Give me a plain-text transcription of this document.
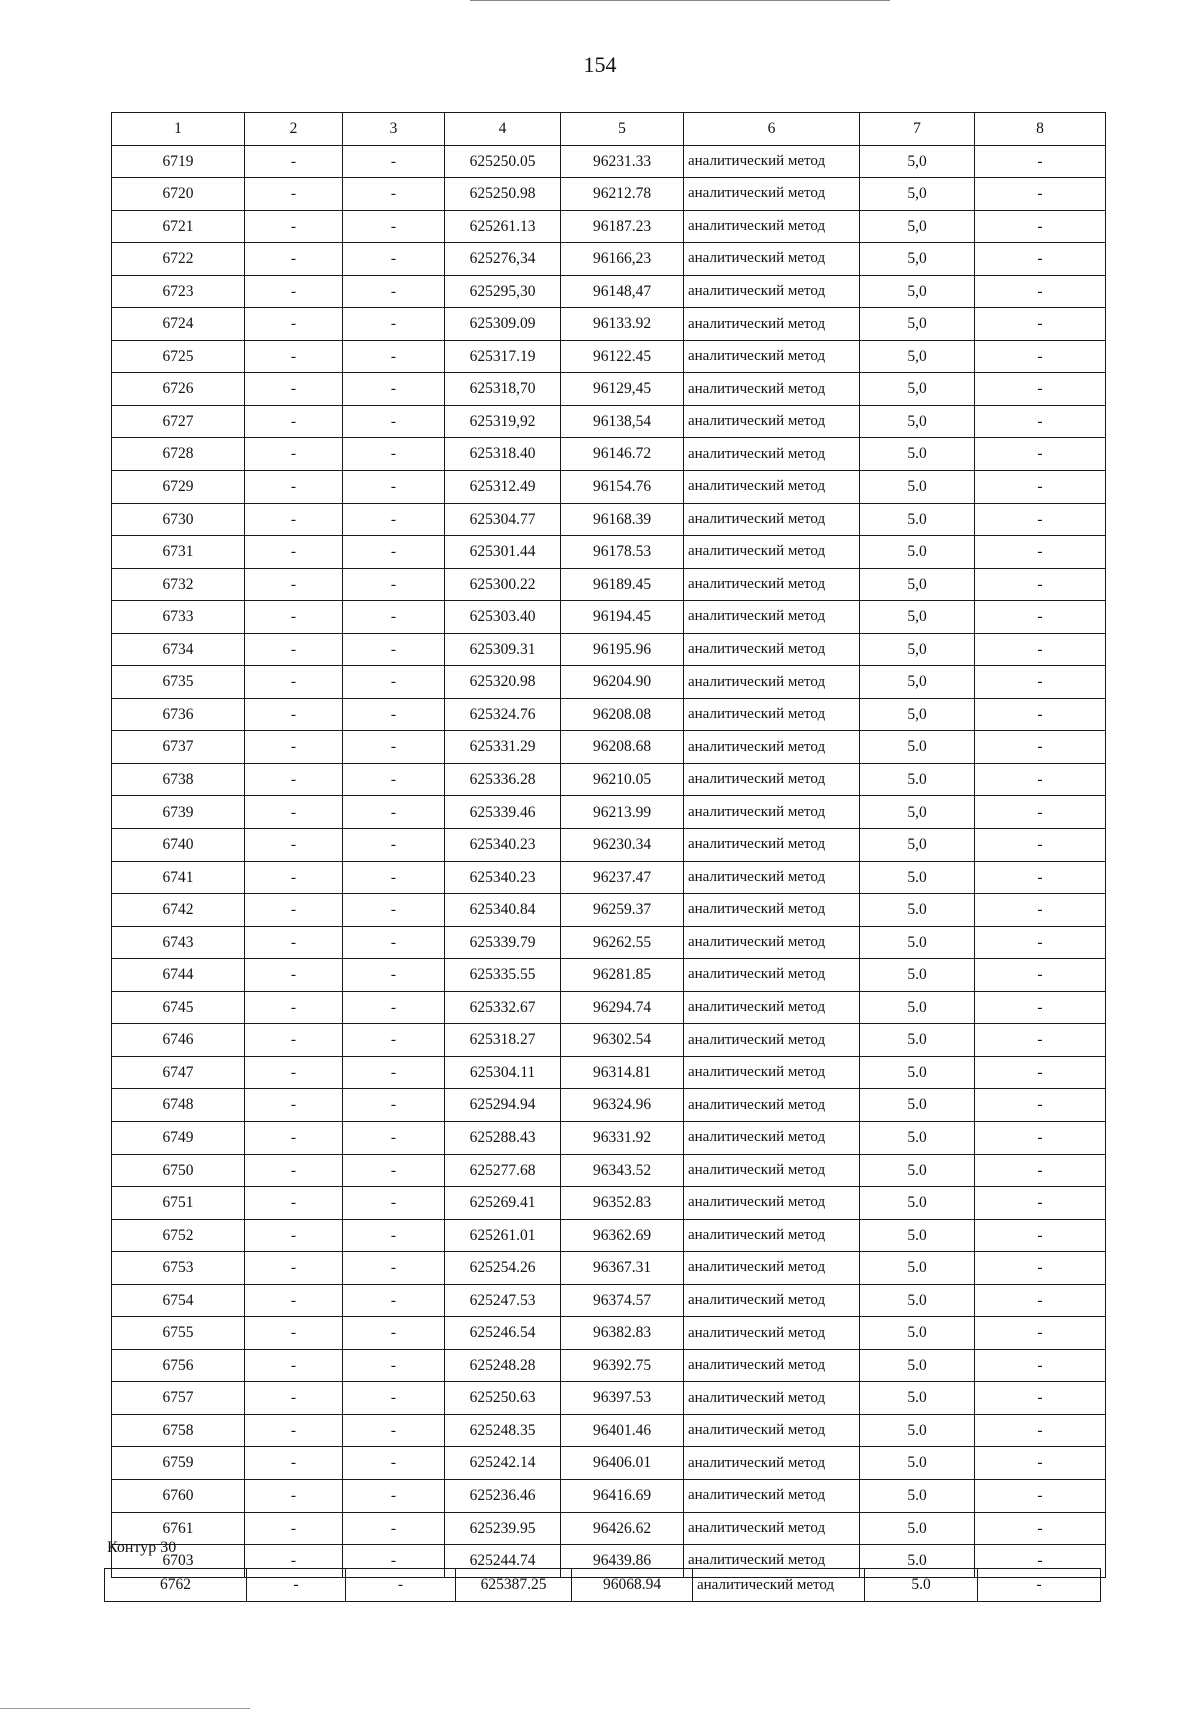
154
1	2	3	4	5	6	7	8
6719	-	-	625250.05	96231.33	аналитический метод	5,0	-
6720	-	-	625250.98	96212.78	аналитический метод	5,0	-
6721	-	-	625261.13	96187.23	аналитический метод	5,0	-
6722	-	-	625276,34	96166,23	аналитический метод	5,0	-
6723	-	-	625295,30	96148,47	аналитический метод	5,0	-
6724	-	-	625309.09	96133.92	аналитический метод	5,0	-
6725	-	-	625317.19	96122.45	аналитический метод	5,0	-
6726	-	-	625318,70	96129,45	аналитический метод	5,0	-
6727	-	-	625319,92	96138,54	аналитический метод	5,0	-
6728	-	-	625318.40	96146.72	аналитический метод	5.0	-
6729	-	-	625312.49	96154.76	аналитический метод	5.0	-
6730	-	-	625304.77	96168.39	аналитический метод	5.0	-
6731	-	-	625301.44	96178.53	аналитический метод	5.0	-
6732	-	-	625300.22	96189.45	аналитический метод	5,0	-
6733	-	-	625303.40	96194.45	аналитический метод	5,0	-
6734	-	-	625309.31	96195.96	аналитический метод	5,0	-
6735	-	-	625320.98	96204.90	аналитический метод	5,0	-
6736	-	-	625324.76	96208.08	аналитический метод	5,0	-
6737	-	-	625331.29	96208.68	аналитический метод	5.0	-
6738	-	-	625336.28	96210.05	аналитический метод	5.0	-
6739	-	-	625339.46	96213.99	аналитический метод	5,0	-
6740	-	-	625340.23	96230.34	аналитический метод	5,0	-
6741	-	-	625340.23	96237.47	аналитический метод	5.0	-
6742	-	-	625340.84	96259.37	аналитический метод	5.0	-
6743	-	-	625339.79	96262.55	аналитический метод	5.0	-
6744	-	-	625335.55	96281.85	аналитический метод	5.0	-
6745	-	-	625332.67	96294.74	аналитический метод	5.0	-
6746	-	-	625318.27	96302.54	аналитический метод	5.0	-
6747	-	-	625304.11	96314.81	аналитический метод	5.0	-
6748	-	-	625294.94	96324.96	аналитический метод	5.0	-
6749	-	-	625288.43	96331.92	аналитический метод	5.0	-
6750	-	-	625277.68	96343.52	аналитический метод	5.0	-
6751	-	-	625269.41	96352.83	аналитический метод	5.0	-
6752	-	-	625261.01	96362.69	аналитический метод	5.0	-
6753	-	-	625254.26	96367.31	аналитический метод	5.0	-
6754	-	-	625247.53	96374.57	аналитический метод	5.0	-
6755	-	-	625246.54	96382.83	аналитический метод	5.0	-
6756	-	-	625248.28	96392.75	аналитический метод	5.0	-
6757	-	-	625250.63	96397.53	аналитический метод	5.0	-
6758	-	-	625248.35	96401.46	аналитический метод	5.0	-
6759	-	-	625242.14	96406.01	аналитический метод	5.0	-
6760	-	-	625236.46	96416.69	аналитический метод	5.0	-
6761	-	-	625239.95	96426.62	аналитический метод	5.0	-
6703	-	-	625244.74	96439.86	аналитический метод	5.0	-
Контур 30
6762	-	-	625387.25	96068.94	аналитический метод	5.0	-
